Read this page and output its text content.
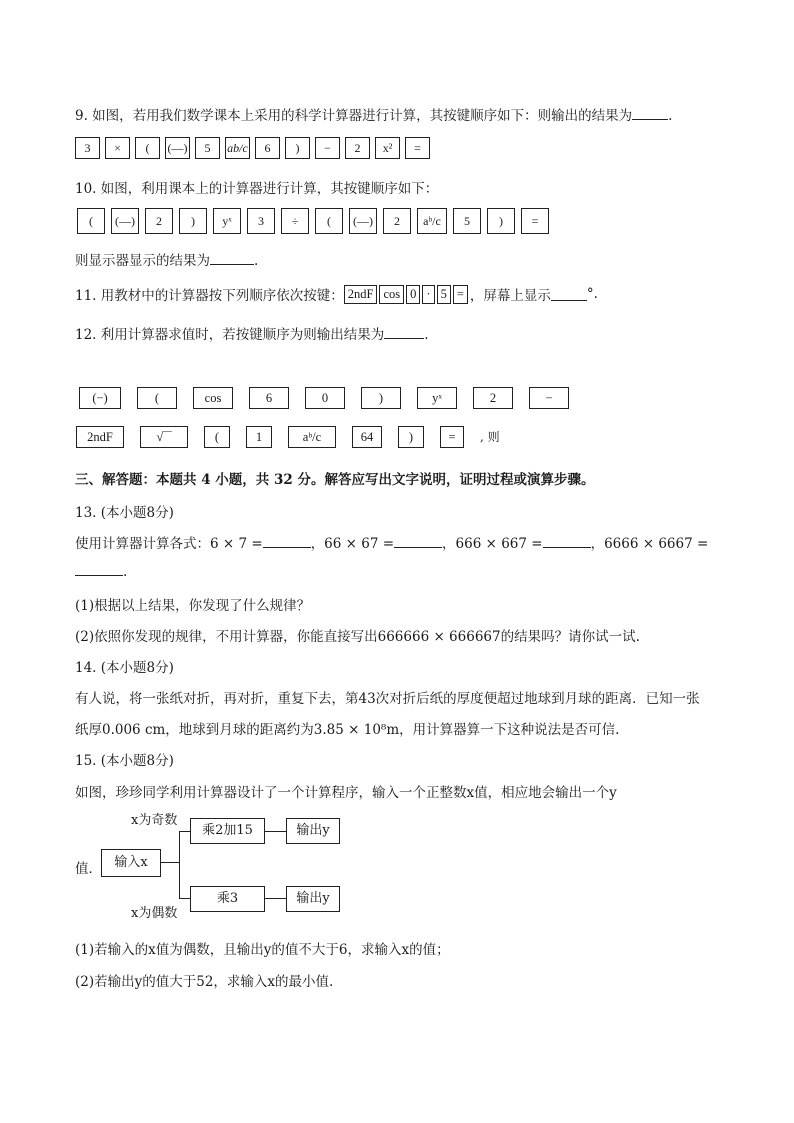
9. 如图，若用我们数学课本上采用的科学计算器进行计算，其按键顺序如下：则输出的结果为	.
3 × ( (—) 5 ab/c 6 ) − 2 x² =
10. 如图，利用课本上的计算器进行计算，其按键顺序如下：
( (—) 2 ) yˣ 3 ÷ ( (—) 2 aᵇ/c 5 ) =
则显示器显示的结果为	.
11. 用教材中的计算器按下列顺序依次按键： 2ndF cos 0 · 5 = ，屏幕上显示	°.
12. 利用计算器求值时，若按键顺序为则输出结果为	.
(−)	(	cos	6	0	)	yˣ	2	−
2ndF	√‾‾	(	1	aᵇ/c	64	)	= , 则
三、解答题：本题共 4 小题，共 32 分。解答应写出文字说明，证明过程或演算步骤。
13. (本小题8分)
使用计算器计算各式：6 × 7 =	，66 × 67 =	，666 × 667 =	，6666 × 6667 =
.
(1)根据以上结果，你发现了什么规律？
(2)依照你发现的规律，不用计算器，你能直接写出666666 × 666667的结果吗？请你试一试.
14. (本小题8分)
有人说，将一张纸对折，再对折，重复下去，第43次对折后纸的厚度便超过地球到月球的距离．已知一张
纸厚0.006 cm，地球到月球的距离约为3.85 × 10⁸m，用计算器算一下这种说法是否可信.
15. (本小题8分)
如图，珍珍同学利用计算器设计了一个计算程序，输入一个正整数x值，相应地会输出一个y
值． 输入x
x为奇数
x为偶数
乘2加15
乘3
输出y
输出y
(1)若输入的x值为偶数，且输出y的值不大于6，求输入x的值；
(2)若输出y的值大于52，求输入x的最小值.
